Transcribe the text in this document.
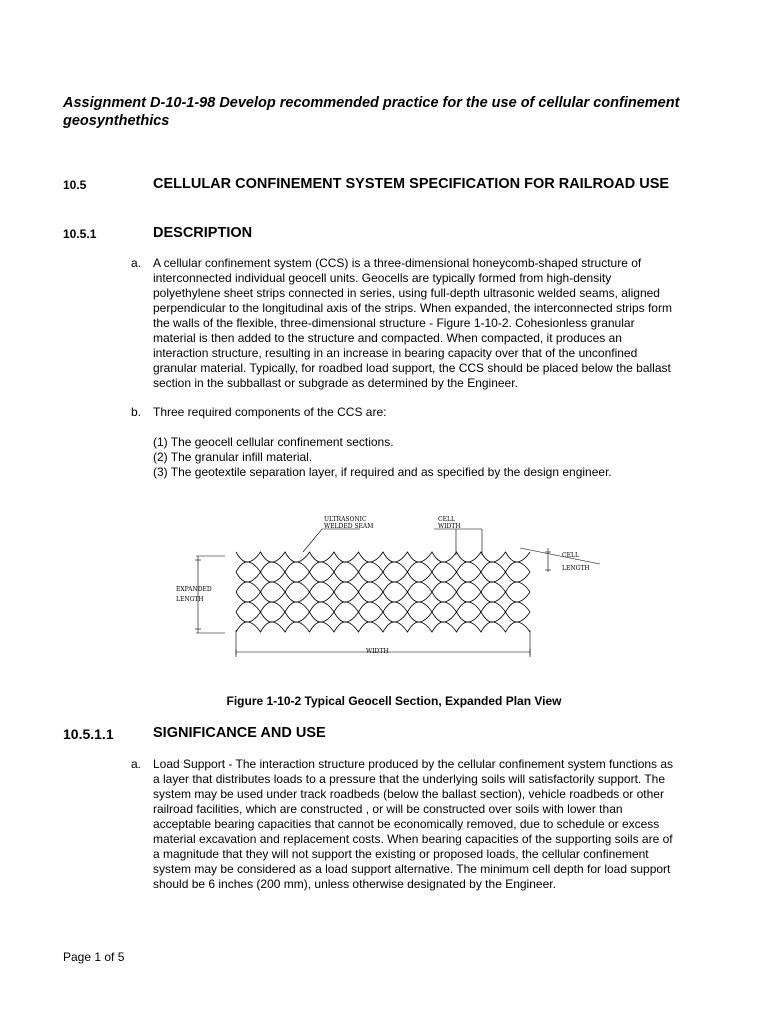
Assignment D-10-1-98 Develop recommended practice for the use of cellular confinement geosynthethics
10.5	CELLULAR CONFINEMENT SYSTEM SPECIFICATION FOR RAILROAD USE
10.5.1	DESCRIPTION
a. A cellular confinement system (CCS) is a three-dimensional honeycomb-shaped structure of
interconnected individual geocell units. Geocells are typically formed from high-density
polyethylene sheet strips connected in series, using full-depth ultrasonic welded seams, aligned
perpendicular to the longitudinal axis of the strips. When expanded, the interconnected strips form
the walls of the flexible, three-dimensional structure - Figure 1-10-2. Cohesionless granular
material is then added to the structure and compacted. When compacted, it produces an
interaction structure, resulting in an increase in bearing capacity over that of the unconfined
granular material. Typically, for roadbed load support, the CCS should be placed below the ballast
section in the subballast or subgrade as determined by the Engineer.
b. Three required components of the CCS are:
(1) The geocell cellular confinement sections.
(2) The granular infill material.
(3) The geotextile separation layer, if required and as specified by the design engineer.
ULTRASONIC
WELDED SEAM
CELL
WIDTH
CELL
LENGTH
EXPANDED
LENGTH
WIDTH
Figure 1-10-2 Typical Geocell Section, Expanded Plan View
10.5.1.1	SIGNIFICANCE AND USE
a. Load Support - The interaction structure produced by the cellular confinement system functions as
a layer that distributes loads to a pressure that the underlying soils will satisfactorily support. The
system may be used under track roadbeds (below the ballast section), vehicle roadbeds or other
railroad facilities, which are constructed , or will be constructed over soils with lower than
acceptable bearing capacities that cannot be economically removed, due to schedule or excess
material excavation and replacement costs. When bearing capacities of the supporting soils are of
a magnitude that they will not support the existing or proposed loads, the cellular confinement
system may be considered as a load support alternative. The minimum cell depth for load support
should be 6 inches (200 mm), unless otherwise designated by the Engineer.
Page 1 of 5
